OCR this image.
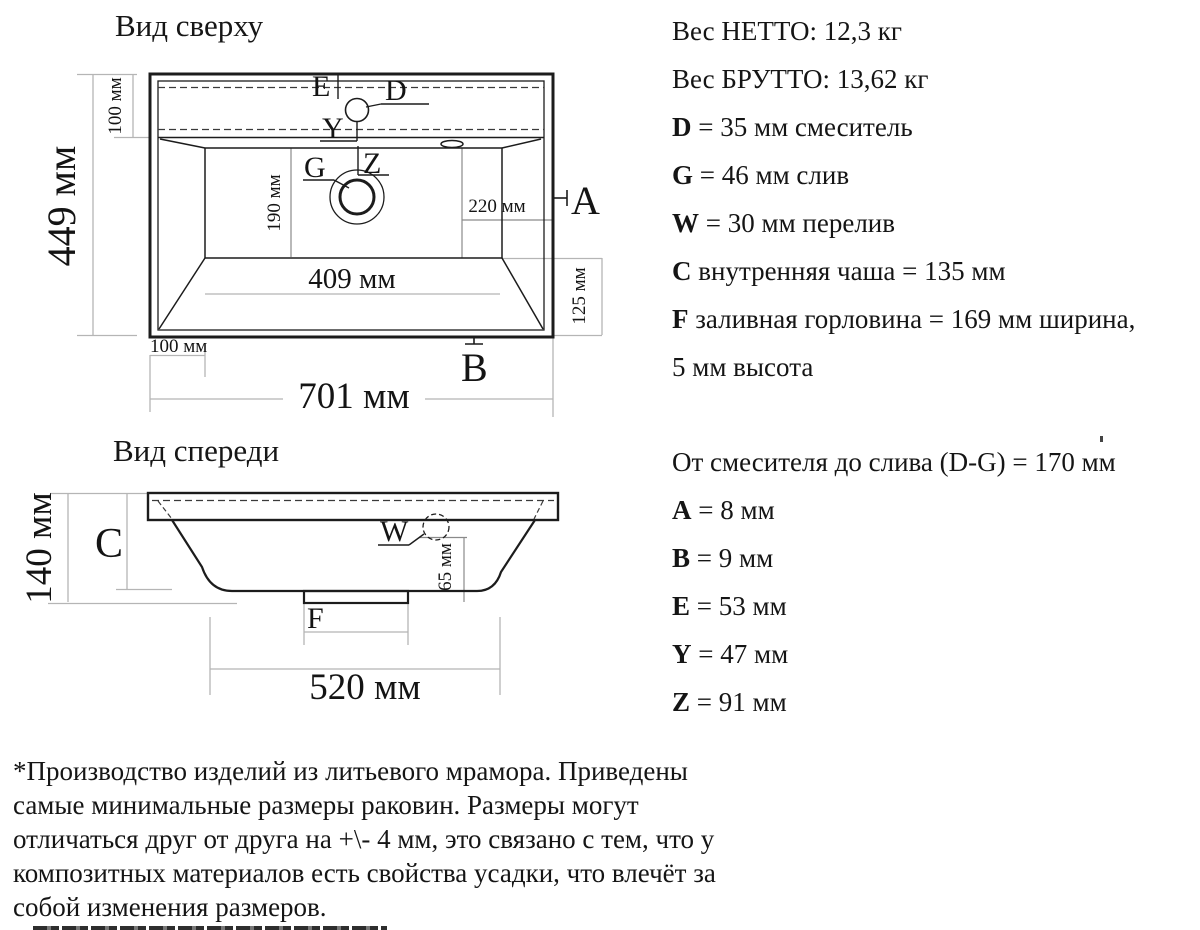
449 мм
100 мм
190 мм
125 мм
100 мм
220 мм
409 мм
701 мм
E D
Y
G Z
A
B
140 мм	65 мм
520 мм
C	W
F
Вид сверху
Вид спереди
Вес НЕТТО: 12,3 кг
Вес БРУТТО: 13,62 кг
D = 35 мм смеситель
G = 46 мм слив
W = 30 мм перелив
C внутренняя чаша = 135 мм
F заливная горловина = 169 мм ширина,
5 мм высота
От смесителя до слива (D-G) = 170 мм
A = 8 мм
B = 9 мм
E = 53 мм
Y = 47 мм
Z = 91 мм
*Производство изделий из литьевого мрамора. Приведены
самые минимальные размеры раковин. Размеры могут
отличаться друг от друга на +\- 4 мм, это связано с тем, что у
композитных материалов есть свойства усадки, что влечёт за
собой изменения размеров.
